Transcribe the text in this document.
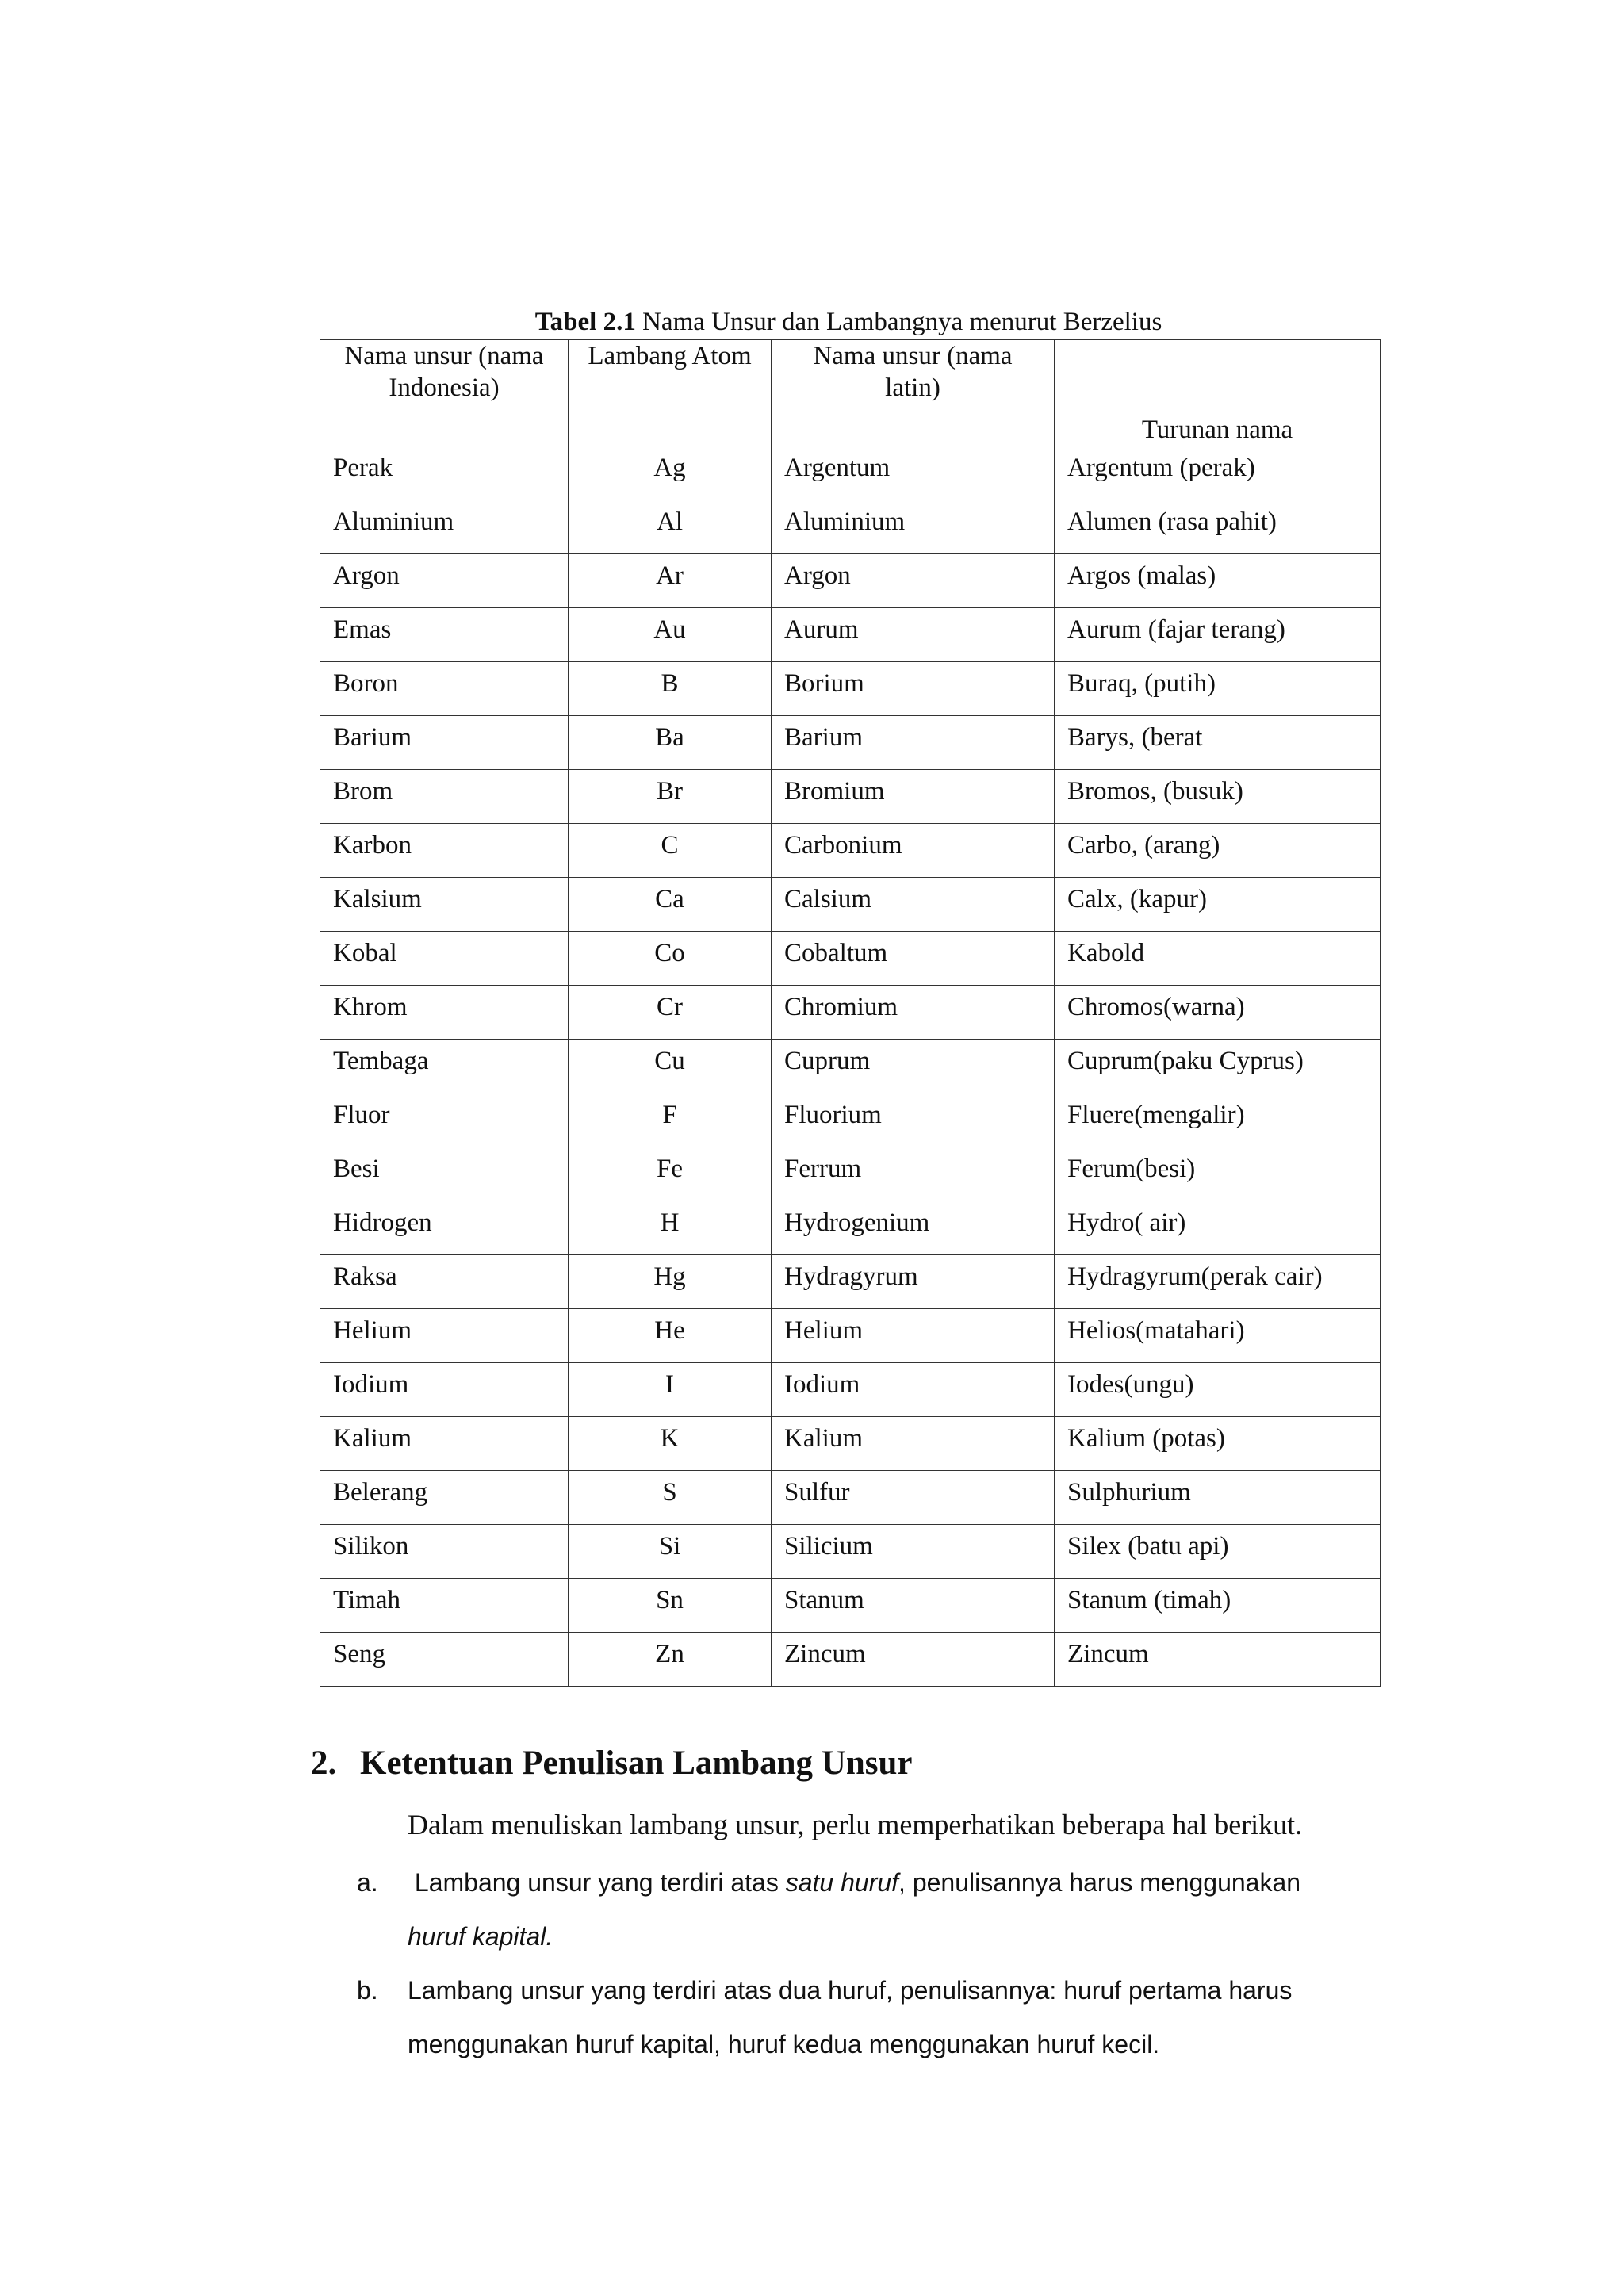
Tabel 2.1 Nama Unsur dan Lambangnya menurut Berzelius
Nama unsur (nama Indonesia)	Lambang Atom	Nama unsur (nama latin)	Turunan nama
Perak	Ag	Argentum	Argentum (perak)
Aluminium	Al	Aluminium	Alumen (rasa pahit)
Argon	Ar	Argon	Argos (malas)
Emas	Au	Aurum	Aurum (fajar terang)
Boron	B	Borium	Buraq, (putih)
Barium	Ba	Barium	Barys, (berat
Brom	Br	Bromium	Bromos, (busuk)
Karbon	C	Carbonium	Carbo, (arang)
Kalsium	Ca	Calsium	Calx, (kapur)
Kobal	Co	Cobaltum	Kabold
Khrom	Cr	Chromium	Chromos(warna)
Tembaga	Cu	Cuprum	Cuprum(paku Cyprus)
Fluor	F	Fluorium	Fluere(mengalir)
Besi	Fe	Ferrum	Ferum(besi)
Hidrogen	H	Hydrogenium	Hydro( air)
Raksa	Hg	Hydragyrum	Hydragyrum(perak cair)
Helium	He	Helium	Helios(matahari)
Iodium	I	Iodium	Iodes(ungu)
Kalium	K	Kalium	Kalium (potas)
Belerang	S	Sulfur	Sulphurium
Silikon	Si	Silicium	Silex (batu api)
Timah	Sn	Stanum	Stanum (timah)
Seng	Zn	Zincum	Zincum
2. Ketentuan Penulisan Lambang Unsur
Dalam menuliskan lambang unsur, perlu memperhatikan beberapa hal berikut.
a. Lambang unsur yang terdiri atas satu huruf, penulisannya harus menggunakan
huruf kapital.
b. Lambang unsur yang terdiri atas dua huruf, penulisannya: huruf pertama harus
menggunakan huruf kapital, huruf kedua menggunakan huruf kecil.
